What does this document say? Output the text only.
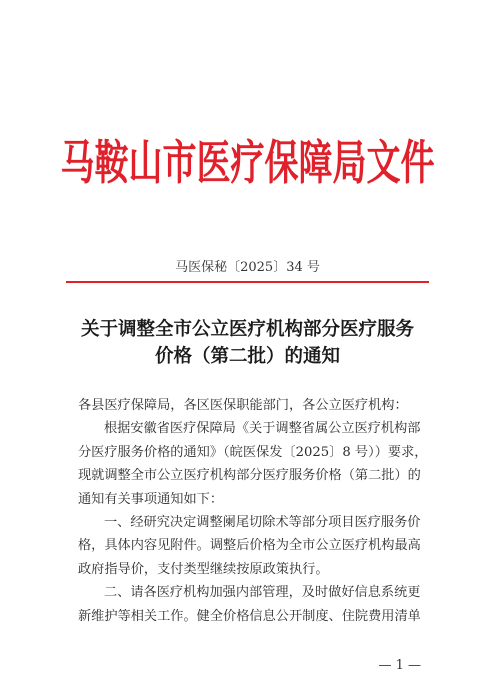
马鞍山市医疗保障局文件
马医保秘〔2025〕34 号
关于调整全市公立医疗机构部分医疗服务
价格（第二批）的通知
各县医疗保障局，各区医保职能部门，各公立医疗机构：
根据安徽省医疗保障局《关于调整省属公立医疗机构部
分医疗服务价格的通知》（皖医保发〔2025〕8 号））要求，
现就调整全市公立医疗机构部分医疗服务价格（第二批）的
通知有关事项通知如下：
一、经研究决定调整阑尾切除术等部分项目医疗服务价
格，具体内容见附件。调整后价格为全市公立医疗机构最高
政府指导价，支付类型继续按原政策执行。
二、请各医疗机构加强内部管理，及时做好信息系统更
新维护等相关工作。健全价格信息公开制度、住院费用清单
— 1 —
